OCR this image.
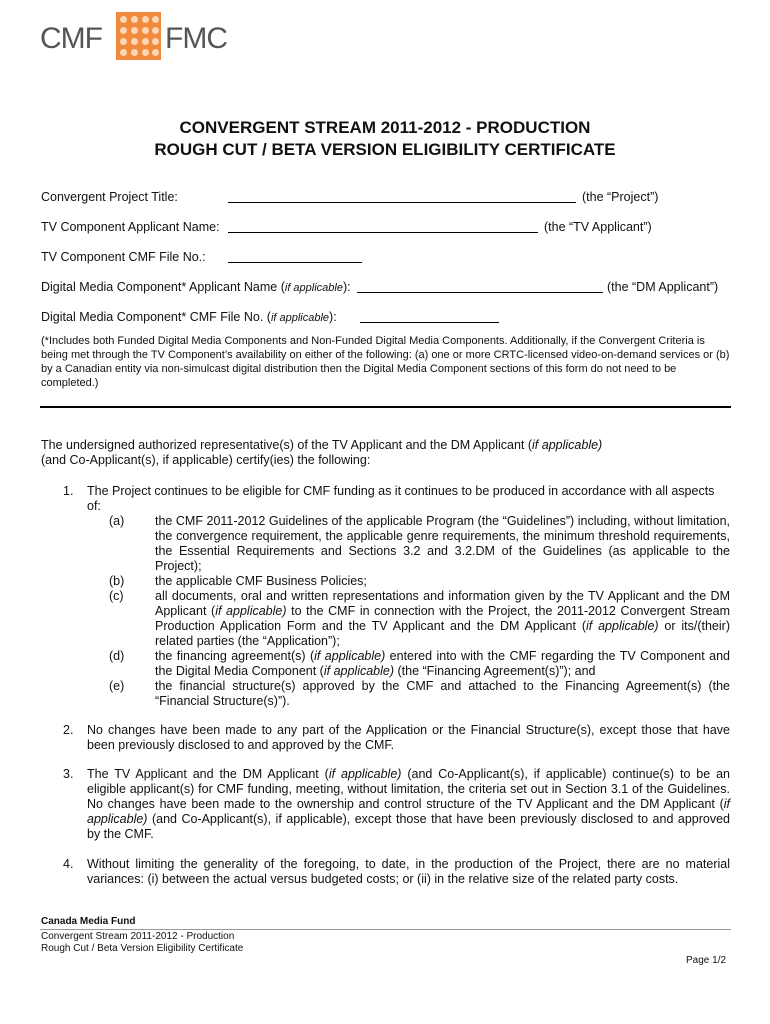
CMF FMC
CONVERGENT STREAM 2011-2012 - PRODUCTION
ROUGH CUT / BETA VERSION ELIGIBILITY CERTIFICATE
Convergent Project Title:	(the “Project”)
TV Component Applicant Name:	(the “TV Applicant”)
TV Component CMF File No.:
Digital Media Component* Applicant Name (if applicable):	(the “DM Applicant”)
Digital Media Component* CMF File No. (if applicable):
(*Includes both Funded Digital Media Components and Non-Funded Digital Media Components. Additionally, if the Convergent Criteria is being met through the TV Component’s availability on either of the following: (a) one or more CRTC-licensed video-on-demand services or (b) by a Canadian entity via non-simulcast digital distribution then the Digital Media Component sections of this form do not need to be completed.)
The undersigned authorized representative(s) of the TV Applicant and the DM Applicant (if applicable)
(and Co-Applicant(s), if applicable) certify(ies) the following:
1. The Project continues to be eligible for CMF funding as it continues to be produced in accordance with all aspects of:
(a) the CMF 2011-2012 Guidelines of the applicable Program (the “Guidelines”) including, without limitation, the convergence requirement, the applicable genre requirements, the minimum threshold requirements, the Essential Requirements and Sections 3.2 and 3.2.DM of the Guidelines (as applicable to the Project);
(b) the applicable CMF Business Policies;
(c)	all documents, oral and written representations and information given by the TV Applicant and the DM Applicant (if applicable) to the CMF in connection with the Project, the 2011-2012 Convergent Stream Production Application Form and the TV Applicant and the DM Applicant (if applicable) or its/(their) related parties (the “Application”);
(d) the financing agreement(s) (if applicable) entered into with the CMF regarding the TV Component and the Digital Media Component (if applicable) (the “Financing Agreement(s)”); and
(e) the financial structure(s) approved by the CMF and attached to the Financing Agreement(s) (the “Financial Structure(s)”).
2. No changes have been made to any part of the Application or the Financial Structure(s), except those that have been previously disclosed to and approved by the CMF.
3. The TV Applicant and the DM Applicant (if applicable) (and Co-Applicant(s), if applicable) continue(s) to be an eligible applicant(s) for CMF funding, meeting, without limitation, the criteria set out in Section 3.1 of the Guidelines. No changes have been made to the ownership and control structure of the TV Applicant and the DM Applicant (if applicable) (and Co-Applicant(s), if applicable), except those that have been previously disclosed to and approved by the CMF.
4. Without limiting the generality of the foregoing, to date, in the production of the Project, there are no material variances: (i) between the actual versus budgeted costs; or (ii) in the relative size of the related party costs.
Canada Media Fund
Convergent Stream 2011-2012 - Production
Rough Cut / Beta Version Eligibility Certificate
Page 1/2
